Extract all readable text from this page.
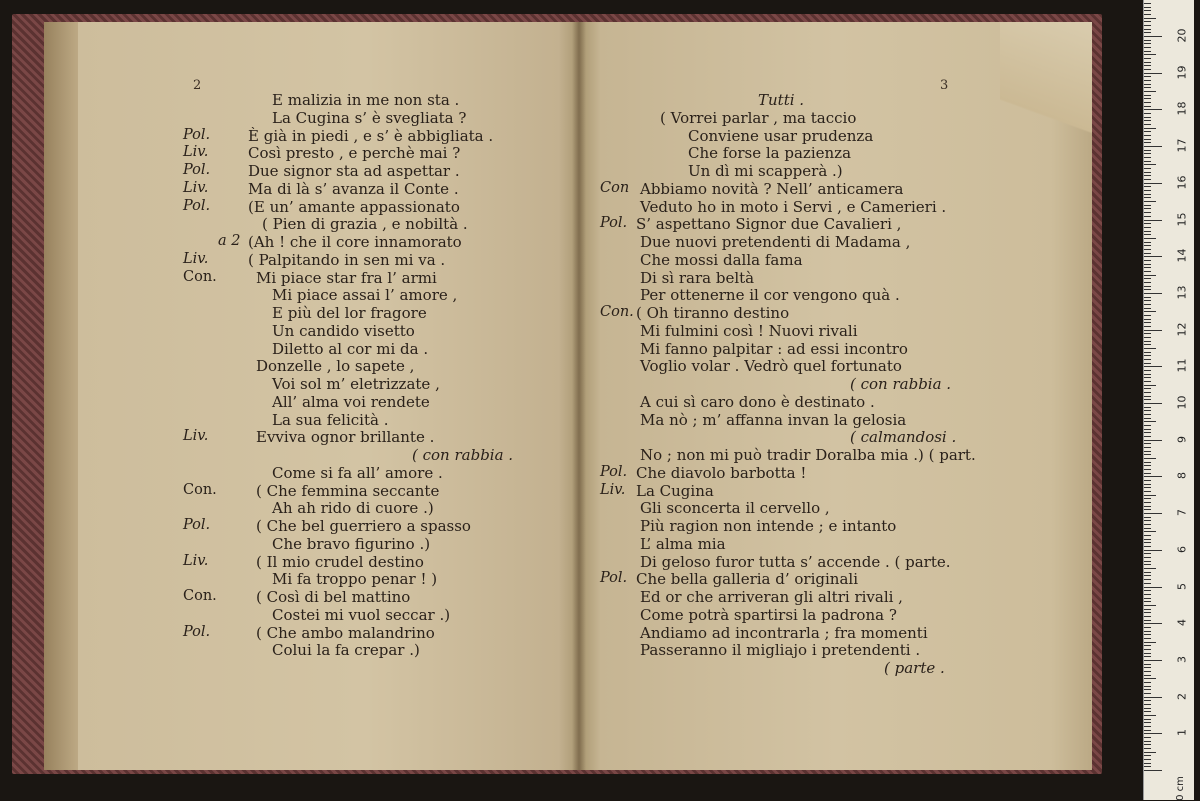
2	3
E malizia in me non sta .
La Cugina s’ è svegliata ?
Pol.	È già in piedi , e s’ è abbigliata .
Liv.	Così presto , e perchè mai ?
Pol.	Due signor sta ad aspettar .
Liv.	Ma di là s’ avanza il Conte .
Pol.	(E un’ amante appassionato
( Pien di grazia , e nobiltà .
a 2 (Ah ! che il core innamorato
Liv.	( Palpitando in sen mi va .
Con.	Mi piace star fra l’ armi
Mi piace assai l’ amore ,
E più del lor fragore
Un candido visetto
Diletto al cor mi da .
Donzelle , lo sapete ,
Voi sol m’ eletrizzate ,
All’ alma voi rendete
La sua felicità .
Liv.	Evviva ognor brillante .
( con rabbia .
Come si fa all’ amore .
Con.	( Che femmina seccante
Ah ah rido di cuore .)
Pol.	( Che bel guerriero a spasso
Che bravo figurino .)
Liv.	( Il mio crudel destino
Mi fa troppo penar ! )
Con.	( Così di bel mattino
Costei mi vuol seccar .)
Pol.	( Che ambo malandrino
Colui la fa crepar .)
Tutti .
( Vorrei parlar , ma taccio
Conviene usar prudenza
Che forse la pazienza
Un dì mi scapperà .)
Con Abbiamo novità ? Nell’ anticamera
Veduto ho in moto i Servi , e Camerieri .
Pol. S’ aspettano Signor due Cavalieri ,
Due nuovi pretendenti di Madama ,
Che mossi dalla fama
Di sì rara beltà
Per ottenerne il cor vengono quà .
Con. ( Oh tiranno destino
Mi fulmini così ! Nuovi rivali
Mi fanno palpitar : ad essi incontro
Voglio volar . Vedrò quel fortunato
( con rabbia .
A cui sì caro dono è destinato .
Ma nò ; m’ affanna invan la gelosia
( calmandosi .
No ; non mi può tradir Doralba mia .) ( part.
Pol. Che diavolo barbotta !
Liv. La Cugina
Gli sconcerta il cervello ,
Più ragion non intende ; e intanto
L’ alma mia
Di geloso furor tutta s’ accende . ( parte.
Pol. Che bella galleria d’ originali
Ed or che arriveran gli altri rivali ,
Come potrà spartirsi la padrona ?
Andiamo ad incontrarla ; fra momenti
Passeranno il migliajo i pretendenti .
( parte .
0 cm
1
2
3
4
5
6
7
8
9
10
11
12
13
14
15
16
17
18
19
20
